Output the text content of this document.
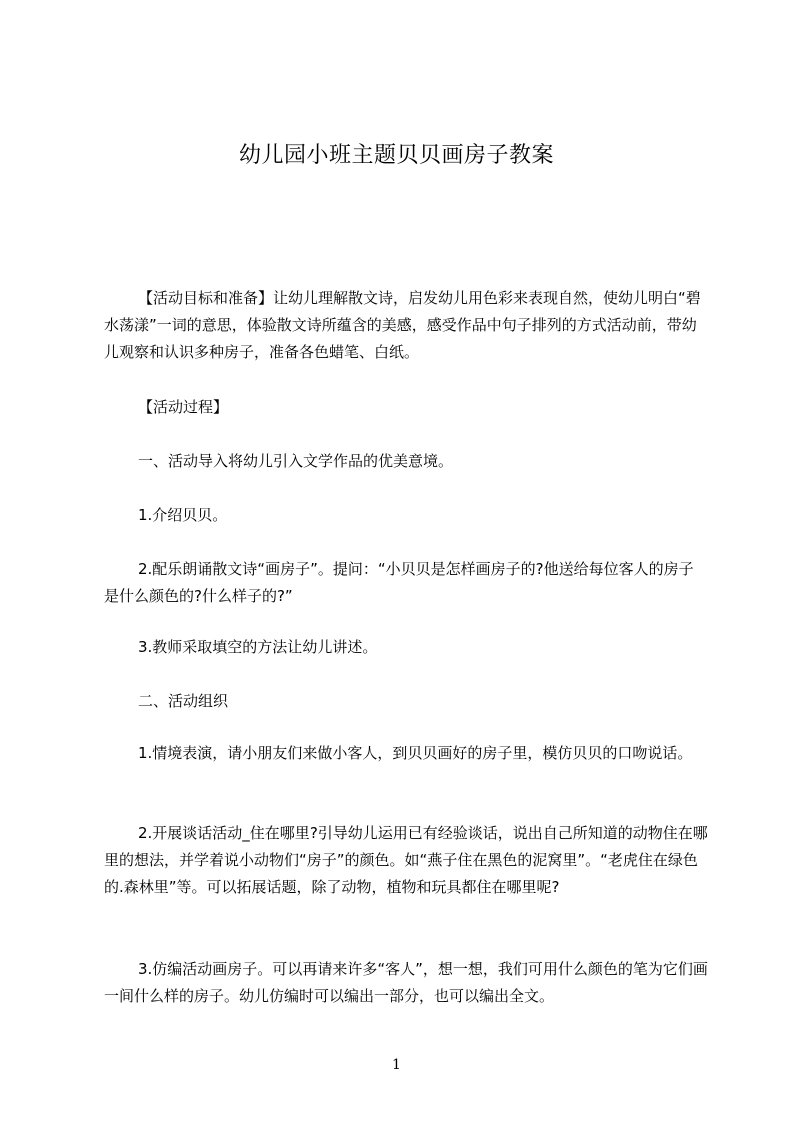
幼儿园小班主题贝贝画房子教案

【活动目标和准备】让幼儿理解散文诗，启发幼儿用色彩来表现自然，使幼儿明白“碧水荡漾”一词的意思，体验散文诗所蕴含的美感，感受作品中句子排列的方式活动前，带幼儿观察和认识多种房子，准备各色蜡笔、白纸。

【活动过程】

一、活动导入将幼儿引入文学作品的优美意境。

1.介绍贝贝。

2.配乐朗诵散文诗“画房子”。提问：“小贝贝是怎样画房子的?他送给每位客人的房子是什么颜色的?什么样子的?”

3.教师采取填空的方法让幼儿讲述。

二、活动组织

1.情境表演，请小朋友们来做小客人，到贝贝画好的房子里，模仿贝贝的口吻说话。

2.开展谈话活动_住在哪里?引导幼儿运用已有经验谈话，说出自己所知道的动物住在哪里的想法，并学着说小动物们“房子”的颜色。如“燕子住在黑色的泥窝里”。“老虎住在绿色的.森林里”等。可以拓展话题，除了动物，植物和玩具都住在哪里呢?

3.仿编活动画房子。可以再请来许多“客人”，想一想，我们可用什么颜色的笔为它们画一间什么样的房子。幼儿仿编时可以编出一部分，也可以编出全文。

1
